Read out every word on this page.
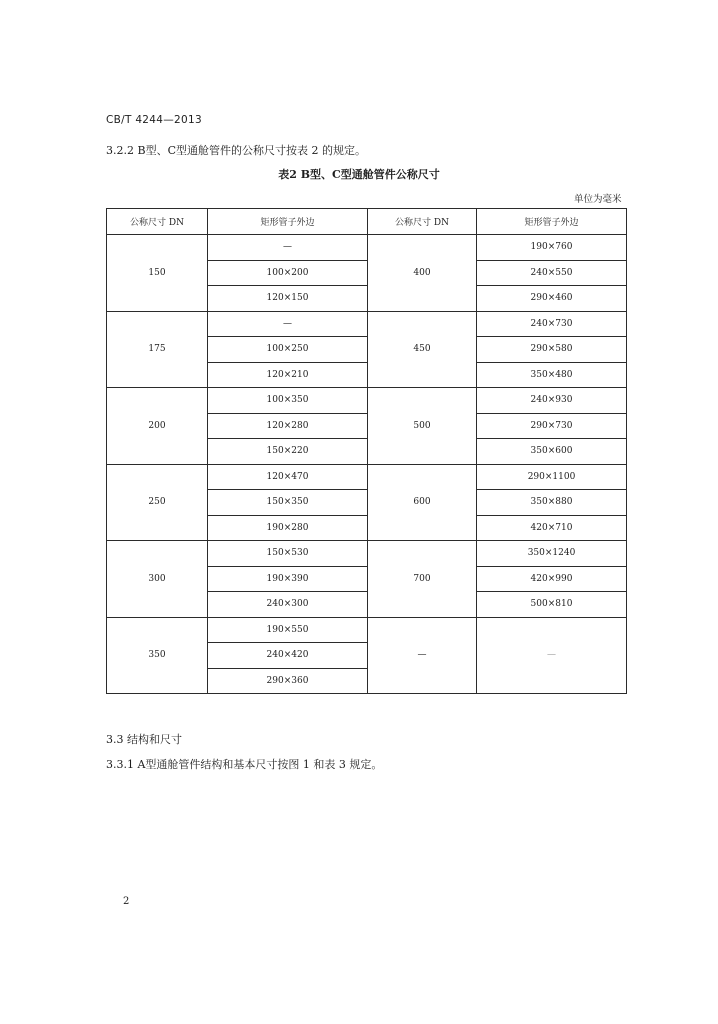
CB/T 4244—2013
3.2.2 B型、C型通舱管件的公称尺寸按表 2 的规定。
表2 B型、C型通舱管件公称尺寸
单位为毫米
公称尺寸 DN	矩形管子外边	公称尺寸 DN	矩形管子外边
150	—	400	190×760
	100×200		240×550
	120×150		290×460
175	—	450	240×730
	100×250		290×580
	120×210		350×480
200	100×350	500	240×930
	120×280		290×730
	150×220		350×600
250	120×470	600	290×1100
	150×350		350×880
	190×280		420×710
300	150×530	700	350×1240
	190×390		420×990
	240×300		500×810
350	190×550	—	—
	240×420		
	290×360		
3.3 结构和尺寸
3.3.1 A型通舱管件结构和基本尺寸按图 1 和表 3 规定。
2
